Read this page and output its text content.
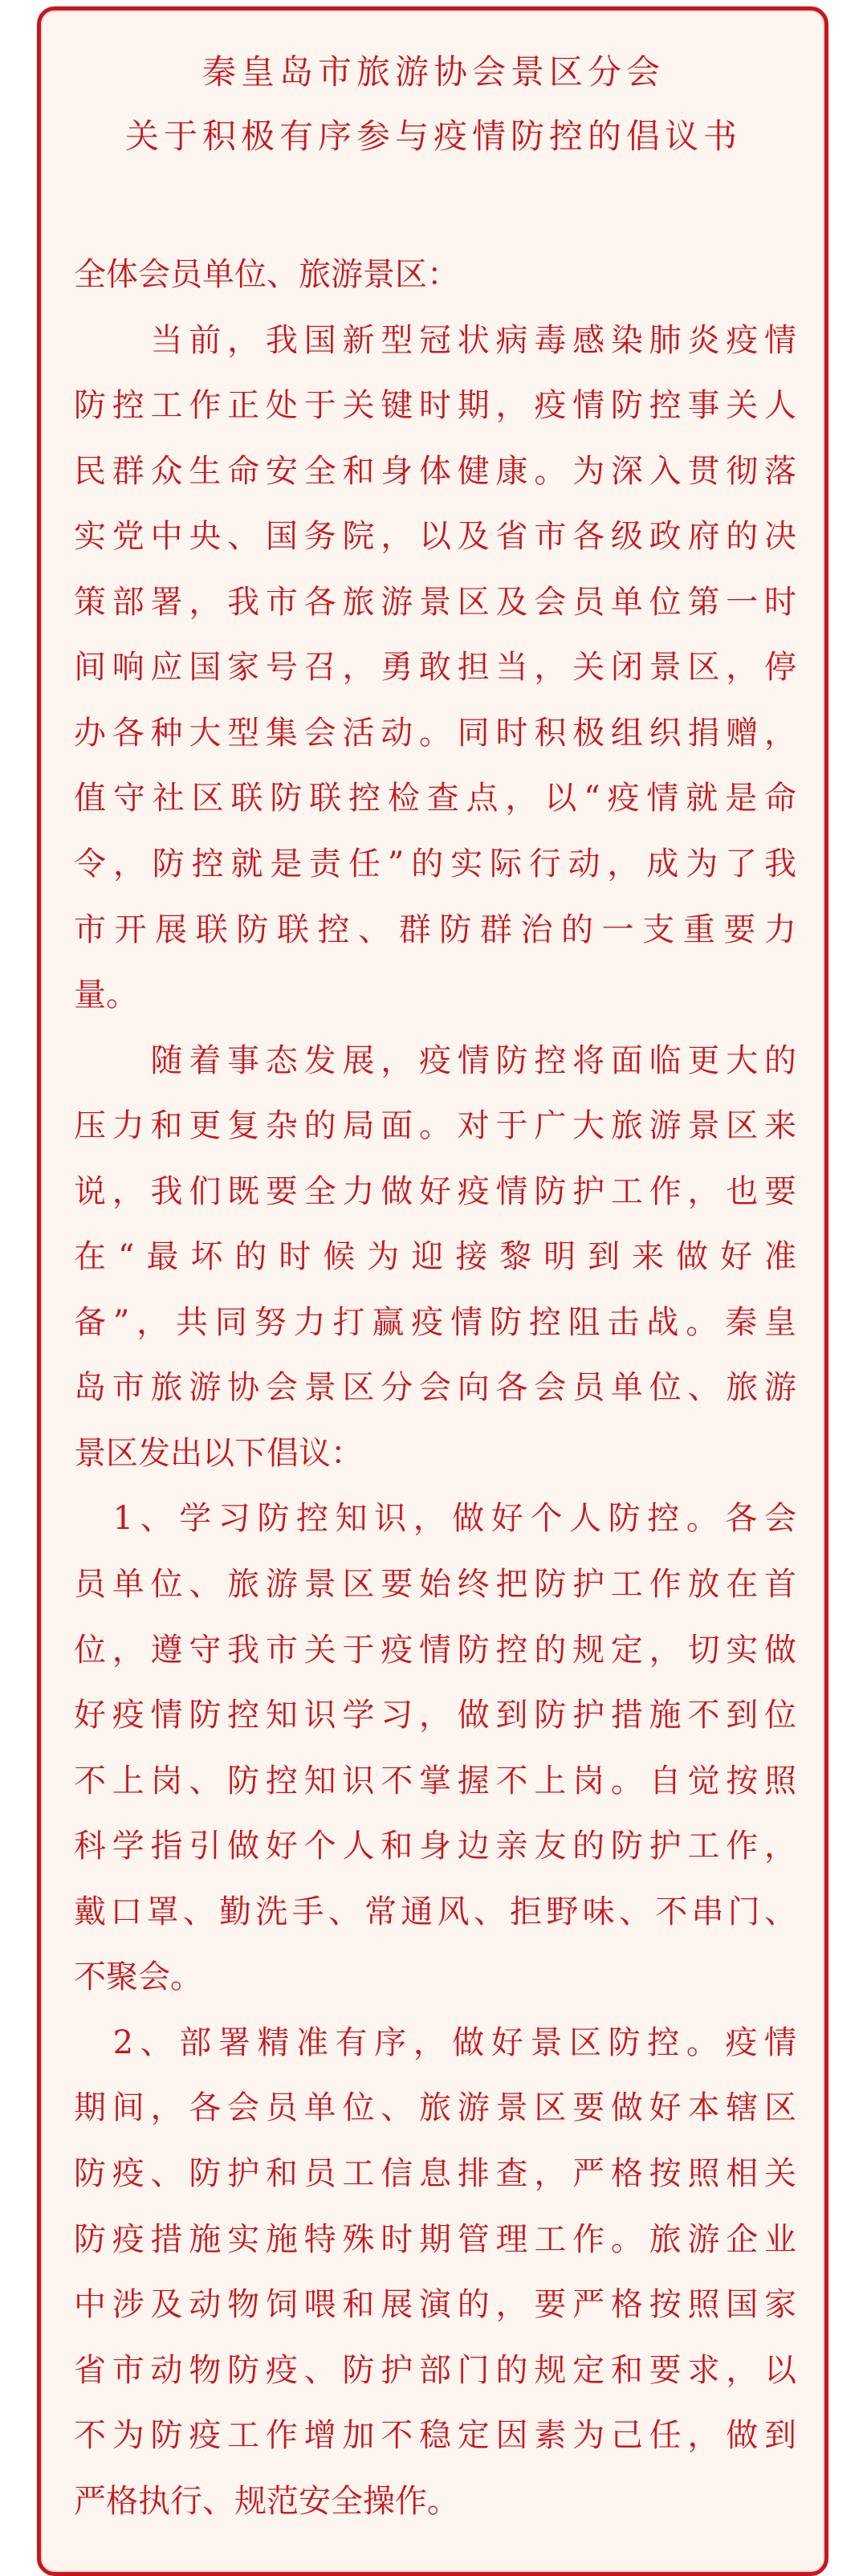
秦皇岛市旅游协会景区分会
关于积极有序参与疫情防控的倡议书
全体会员单位、旅游景区：
　　当前，我国新型冠状病毒感染肺炎疫情
防控工作正处于关键时期，疫情防控事关人
民群众生命安全和身体健康。为深入贯彻落
实党中央、国务院，以及省市各级政府的决
策部署，我市各旅游景区及会员单位第一时
间响应国家号召，勇敢担当，关闭景区，停
办各种大型集会活动。同时积极组织捐赠，
值守社区联防联控检查点，以“疫情就是命
令，防控就是责任”的实际行动，成为了我
市开展联防联控、群防群治的一支重要力
量。
　　随着事态发展，疫情防控将面临更大的
压力和更复杂的局面。对于广大旅游景区来
说，我们既要全力做好疫情防护工作，也要
在“最坏的时候为迎接黎明到来做好准
备”，共同努力打赢疫情防控阻击战。秦皇
岛市旅游协会景区分会向各会员单位、旅游
景区发出以下倡议：
　1、学习防控知识，做好个人防控。各会
员单位、旅游景区要始终把防护工作放在首
位，遵守我市关于疫情防控的规定，切实做
好疫情防控知识学习，做到防护措施不到位
不上岗、防控知识不掌握不上岗。自觉按照
科学指引做好个人和身边亲友的防护工作，
戴口罩、勤洗手、常通风、拒野味、不串门、
不聚会。
　2、部署精准有序，做好景区防控。疫情
期间，各会员单位、旅游景区要做好本辖区
防疫、防护和员工信息排查，严格按照相关
防疫措施实施特殊时期管理工作。旅游企业
中涉及动物饲喂和展演的，要严格按照国家
省市动物防疫、防护部门的规定和要求，以
不为防疫工作增加不稳定因素为己任，做到
严格执行、规范安全操作。
